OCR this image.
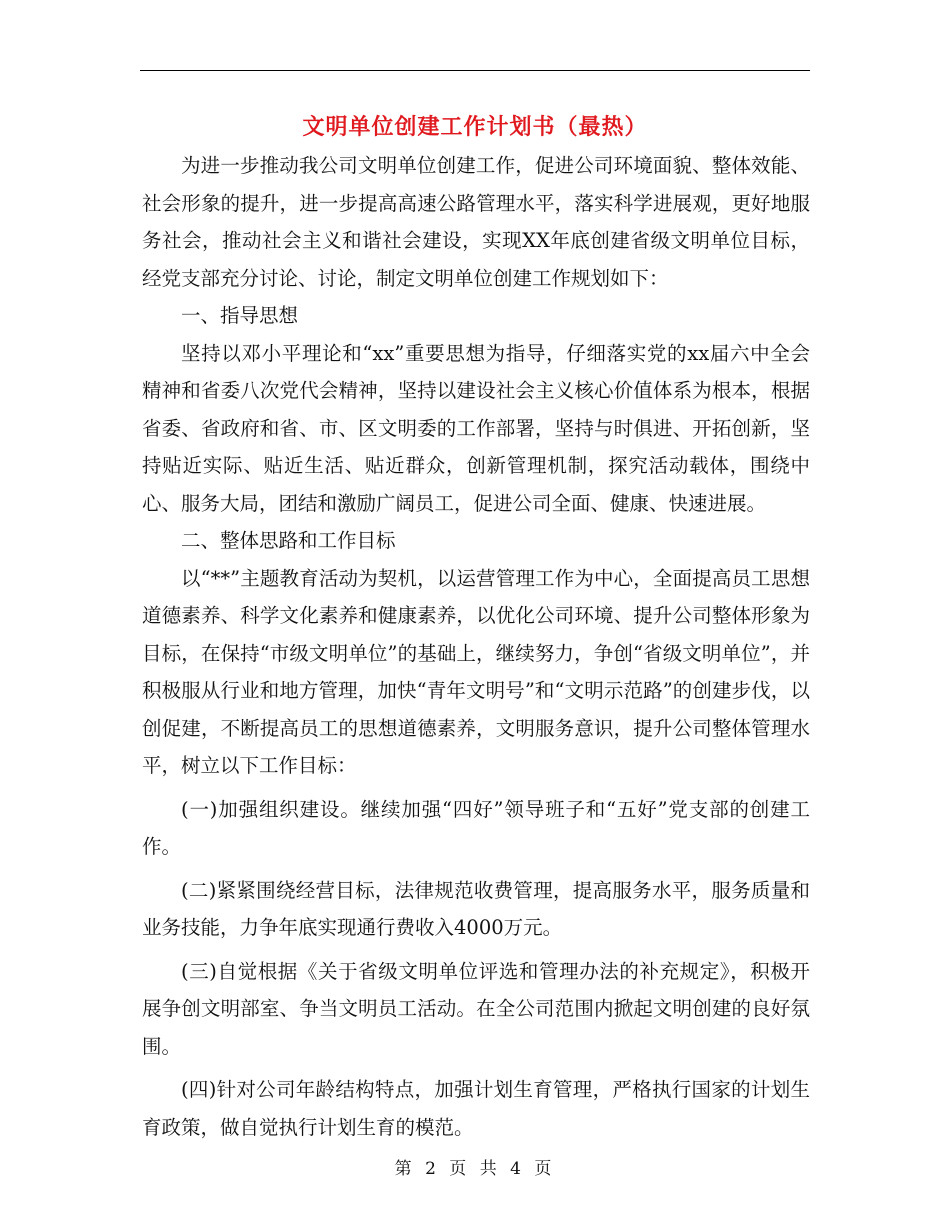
文明单位创建工作计划书（最热）

为进一步推动我公司文明单位创建工作，促进公司环境面貌、整体效能、社会形象的提升，进一步提高高速公路管理水平，落实科学进展观，更好地服务社会，推动社会主义和谐社会建设，实现XX年底创建省级文明单位目标，经党支部充分讨论、讨论，制定文明单位创建工作规划如下：

一、指导思想

坚持以邓小平理论和“xx”重要思想为指导，仔细落实党的xx届六中全会精神和省委八次党代会精神，坚持以建设社会主义核心价值体系为根本，根据省委、省政府和省、市、区文明委的工作部署，坚持与时俱进、开拓创新，坚持贴近实际、贴近生活、贴近群众，创新管理机制，探究活动载体，围绕中心、服务大局，团结和激励广阔员工，促进公司全面、健康、快速进展。

二、整体思路和工作目标

以“**”主题教育活动为契机，以运营管理工作为中心，全面提高员工思想道德素养、科学文化素养和健康素养，以优化公司环境、提升公司整体形象为目标，在保持“市级文明单位”的基础上，继续努力，争创“省级文明单位”，并积极服从行业和地方管理，加快“青年文明号”和“文明示范路”的创建步伐，以创促建，不断提高员工的思想道德素养，文明服务意识，提升公司整体管理水平，树立以下工作目标：

(一)加强组织建设。继续加强“四好”领导班子和“五好”党支部的创建工作。

(二)紧紧围绕经营目标，法律规范收费管理，提高服务水平，服务质量和业务技能，力争年底实现通行费收入4000万元。

(三)自觉根据《关于省级文明单位评选和管理办法的补充规定》，积极开展争创文明部室、争当文明员工活动。在全公司范围内掀起文明创建的良好氛围。

(四)针对公司年龄结构特点，加强计划生育管理，严格执行国家的计划生育政策，做自觉执行计划生育的模范。

第 2 页 共 4 页
